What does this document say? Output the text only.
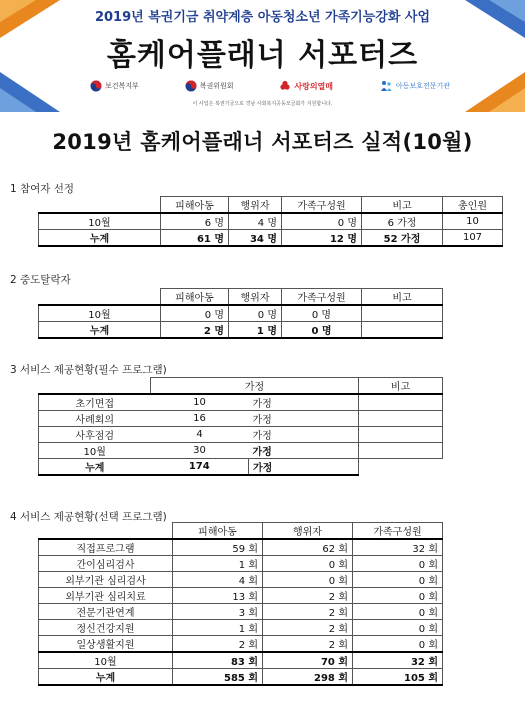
2019년 복권기금 취약계층 아동청소년 가족기능강화 사업
홈케어플래너 서포터즈
보건복지부	복권위원회	사랑의열매	아동보호전문기관
이 사업은 복권기금으로 경남 사회복지공동모금회가 지원합니다.
2019년 홈케어플래너 서포터즈 실적(10월)
1 참여자 선정
	피해아동	행위자	가족구성원	비고	총인원
10월	6 명	4 명	0 명	6 가정	10
누계	61 명	34 명	12 명	52 가정	107
2 중도탈락자
	피해아동	행위자	가족구성원	비고
10월	0 명	0 명	0 명	
누계	2 명	1 명	0 명	
3 서비스 제공현황(필수 프로그램)
	가정		비고
초기면접	10	가정	
사례회의	16	가정	
사후점검	4	가정	
10월	30	가정	
누계	174	가정	
4 서비스 제공현황(선택 프로그램)
	피해아동	행위자	가족구성원
직접프로그램	59 회	62 회	32 회
간이심리검사	1 회	0 회	0 회
외부기관 심리검사	4 회	0 회	0 회
외부기관 심리치료	13 회	2 회	0 회
전문기관연계	3 회	2 회	0 회
정신건강지원	1 회	2 회	0 회
일상생활지원	2 회	2 회	0 회
10월	83 회	70 회	32 회
누계	585 회	298 회	105 회
